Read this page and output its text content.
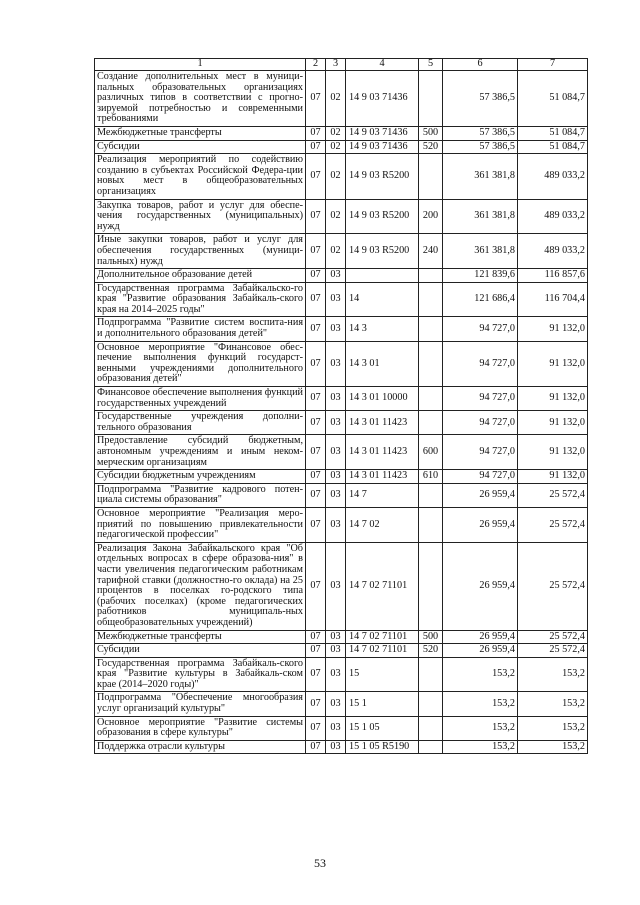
1	2	3	4	5	6	7
Создание дополнительных мест в муници-пальных образовательных организациях различных типов в соответствии с прогно-зируемой потребностью и современными требованиями	07	02	14 9 03 71436		57 386,5	51 084,7
Межбюджетные трансферты	07	02	14 9 03 71436	500	57 386,5	51 084,7
Субсидии	07	02	14 9 03 71436	520	57 386,5	51 084,7
Реализация мероприятий по содействию созданию в субъектах Российской Федера-ции новых мест в общеобразовательных организациях	07	02	14 9 03 R5200		361 381,8	489 033,2
Закупка товаров, работ и услуг для обеспе-чения государственных (муниципальных) нужд	07	02	14 9 03 R5200	200	361 381,8	489 033,2
Иные закупки товаров, работ и услуг для обеспечения государственных (муници-пальных) нужд	07	02	14 9 03 R5200	240	361 381,8	489 033,2
Дополнительное образование детей	07	03			121 839,6	116 857,6
Государственная программа Забайкальско-го края "Развитие образования Забайкаль-ского края на 2014–2025 годы"	07	03	14		121 686,4	116 704,4
Подпрограмма "Развитие систем воспита-ния и дополнительного образования детей"	07	03	14 3		94 727,0	91 132,0
Основное мероприятие "Финансовое обес-печение выполнения функций государст-венными учреждениями дополнительного образования детей"	07	03	14 3 01		94 727,0	91 132,0
Финансовое обеспечение выполнения функций государственных учреждений	07	03	14 3 01 10000		94 727,0	91 132,0
Государственные учреждения дополни-тельного образования	07	03	14 3 01 11423		94 727,0	91 132,0
Предоставление субсидий бюджетным, автономным учреждениям и иным неком-мерческим организациям	07	03	14 3 01 11423	600	94 727,0	91 132,0
Субсидии бюджетным учреждениям	07	03	14 3 01 11423	610	94 727,0	91 132,0
Подпрограмма "Развитие кадрового потен-циала системы образования"	07	03	14 7		26 959,4	25 572,4
Основное мероприятие "Реализация меро-приятий по повышению привлекательности педагогической профессии"	07	03	14 7 02		26 959,4	25 572,4
Реализация Закона Забайкальского края "Об отдельных вопросах в сфере образова-ния" в части увеличения педагогическим работникам тарифной ставки (должностно-го оклада) на 25 процентов в поселках го-родского типа (рабочих поселках) (кроме педагогических работников муниципаль-ных общеобразовательных учреждений)	07	03	14 7 02 71101		26 959,4	25 572,4
Межбюджетные трансферты	07	03	14 7 02 71101	500	26 959,4	25 572,4
Субсидии	07	03	14 7 02 71101	520	26 959,4	25 572,4
Государственная программа Забайкаль-ского края "Развитие культуры в Забайкаль-ском крае (2014–2020 годы)"	07	03	15		153,2	153,2
Подпрограмма "Обеспечение многообразия услуг организаций культуры"	07	03	15 1		153,2	153,2
Основное мероприятие "Развитие системы образования в сфере культуры"	07	03	15 1 05		153,2	153,2
Поддержка отрасли культуры	07	03	15 1 05 R5190		153,2	153,2
53
